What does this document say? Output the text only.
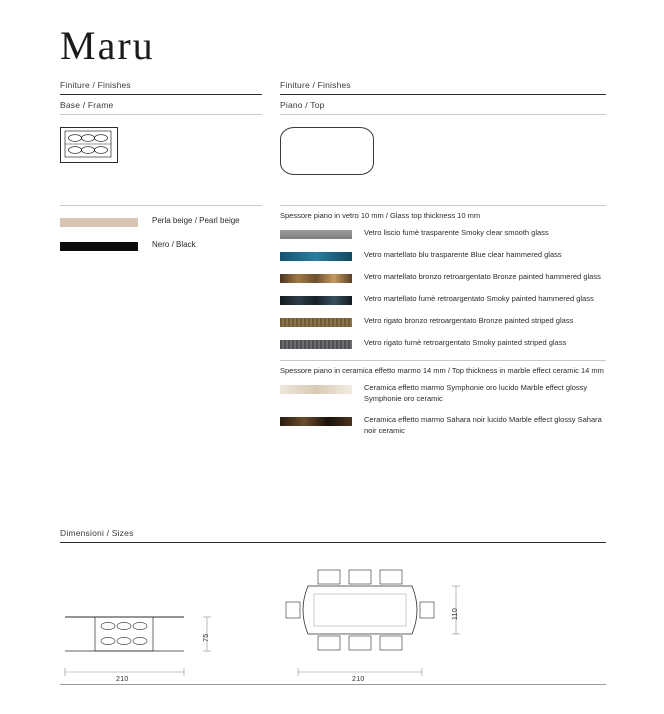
Maru
Finiture / Finishes
Base / Frame
Perla beige / Pearl beige
Nero / Black
Finiture / Finishes
Piano / Top
Spessore piano in vetro 10 mm / Glass top thickness 10 mm
Vetro liscio fumè trasparente Smoky clear smooth glass
Vetro martellato blu trasparente Blue clear hammered glass
Vetro martellato bronzo retroargentato Bronze painted hammered glass
Vetro martellato fumè retroargentato Smoky painted hammered glass
Vetro rigato bronzo retroargentato Bronze painted striped glass
Vetro rigato fumè retroargentato Smoky painted striped glass
Spessore piano in ceramica effetto marmo 14 mm / Top thickness in marble effect ceramic 14 mm
Ceramica effetto marmo Symphonie oro lucido Marble effect glossy Symphonie oro ceramic
Ceramica effetto marmo Sahara noir lucido Marble effect glossy Sahara noir ceramic
Dimensioni / Sizes
210
75
210
110
